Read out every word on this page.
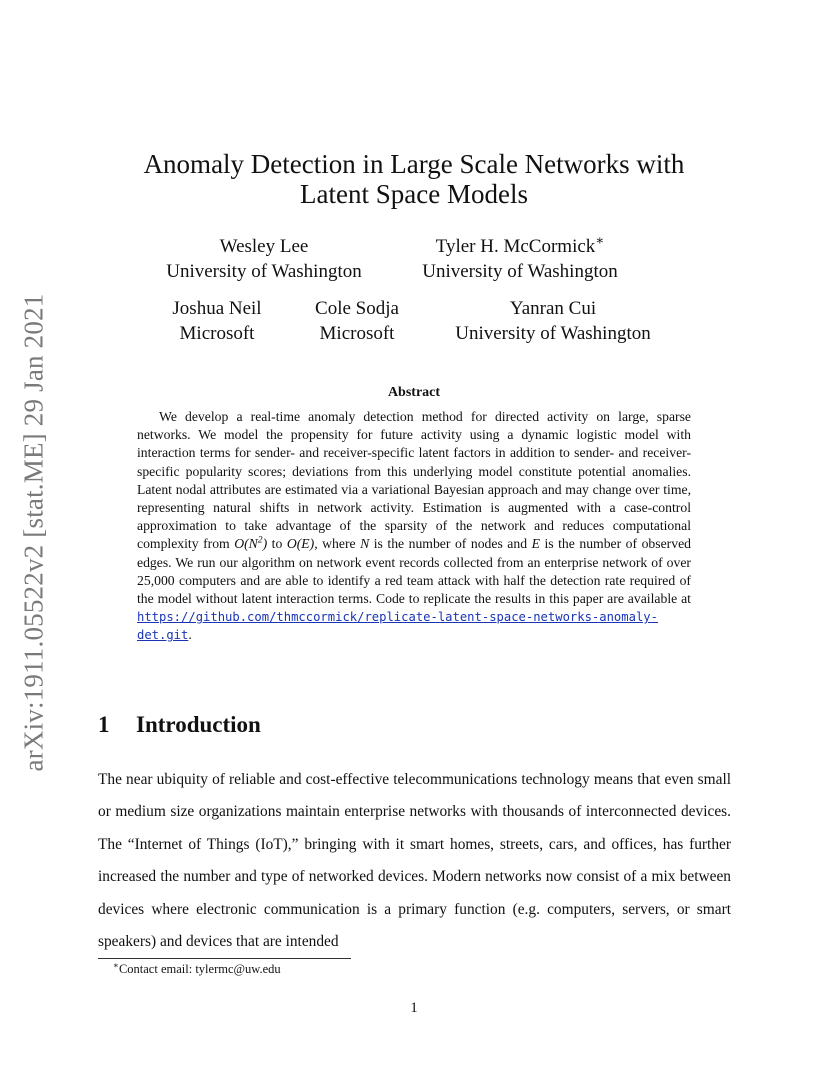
arXiv:1911.05522v2 [stat.ME] 29 Jan 2021
Anomaly Detection in Large Scale Networks with
Latent Space Models
Wesley Lee
University of Washington
Tyler H. McCormick∗
University of Washington
Joshua Neil
Microsoft
Cole Sodja
Microsoft
Yanran Cui
University of Washington
Abstract

We develop a real-time anomaly detection method for directed activity on large, sparse networks. We model the propensity for future activity using a dynamic logistic model with interaction terms for sender- and receiver-specific latent factors in addition to sender- and receiver-specific popularity scores; deviations from this underlying model constitute potential anomalies. Latent nodal attributes are estimated via a variational Bayesian approach and may change over time, representing natural shifts in network activity. Estimation is augmented with a case-control approximation to take advantage of the sparsity of the network and reduces computational complexity from $O(N^2)$ to O(E), where N is the number of nodes and E is the number of observed edges. We run our algorithm on network event records collected from an enterprise network of over 25,000 computers and are able to identify a red team attack with half the detection rate required of the model without latent interaction terms. Code to replicate the results in this paper are available at https://github.com/thmccormick/replicate-latent-space-networks-anomaly-det.git.

1 Introduction

The near ubiquity of reliable and cost-effective telecommunications technology means that even small or medium size organizations maintain enterprise networks with thousands of interconnected devices. The “Internet of Things (IoT),” bringing with it smart homes, streets, cars, and offices, has further increased the number and type of networked devices. Modern networks now consist of a mix between devices where electronic communication is a primary function (e.g. computers, servers, or smart speakers) and devices that are intended

∗Contact email: tylermc@uw.edu

1
